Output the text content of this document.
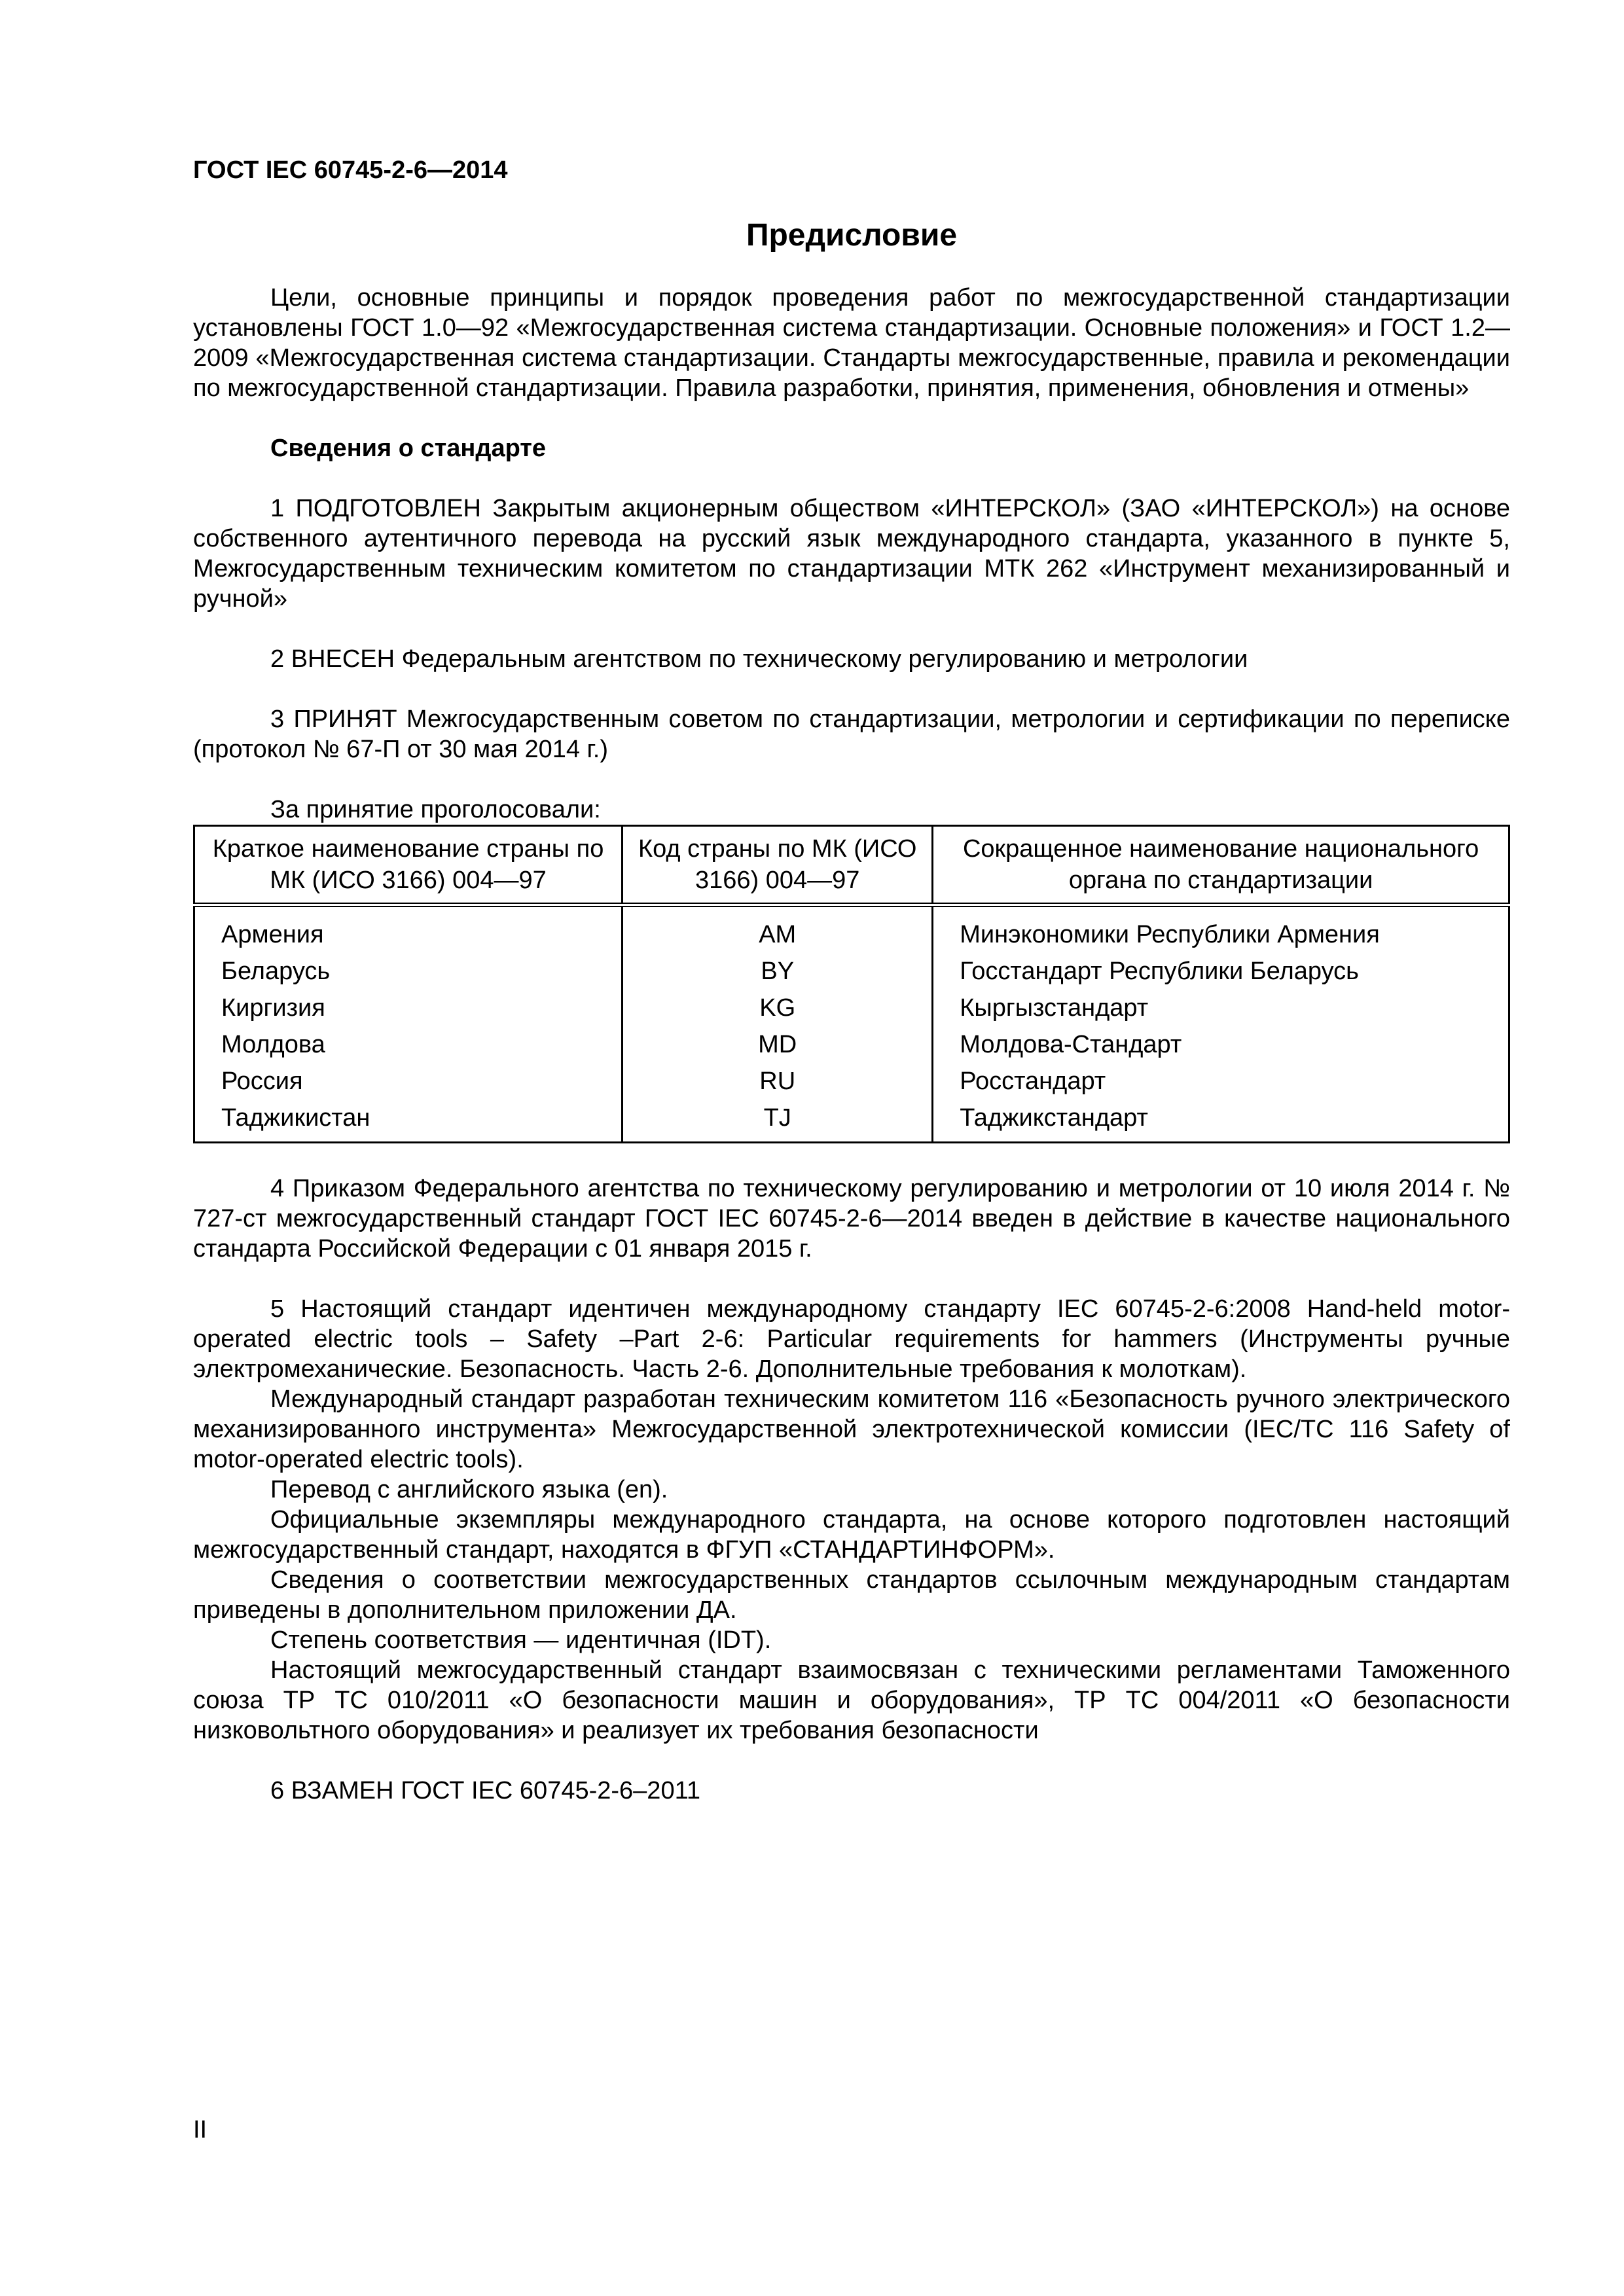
ГОСТ IEC 60745-2-6—2014
Предисловие

Цели, основные принципы и порядок проведения работ по межгосударственной стандартизации установлены ГОСТ 1.0—92 «Межгосударственная система стандартизации. Основные положения» и ГОСТ 1.2—2009 «Межгосударственная система стандартизации. Стандарты межгосударственные, правила и рекомендации по межгосударственной стандартизации. Правила разработки, принятия, применения, обновления и отмены»

Сведения о стандарте

1 ПОДГОТОВЛЕН Закрытым акционерным обществом «ИНТЕРСКОЛ» (ЗАО «ИНТЕРСКОЛ») на основе собственного аутентичного перевода на русский язык международного стандарта, указанного в пункте 5, Межгосударственным техническим комитетом по стандартизации МТК 262 «Инструмент механизированный и ручной»

2 ВНЕСЕН Федеральным агентством по техническому регулированию и метрологии

3 ПРИНЯТ Межгосударственным советом по стандартизации, метрологии и сертификации по переписке (протокол № 67-П от 30 мая 2014 г.)

За принятие проголосовали:

Краткое наименование страны по МК (ИСО 3166) 004—97	Код страны по МК (ИСО 3166) 004—97	Сокращенное наименование национального органа по стандартизации
Армения	AM	Минэкономики Республики Армения
Беларусь	BY	Госстандарт Республики Беларусь
Киргизия	KG	Кыргызстандарт
Молдова	MD	Молдова-Стандарт
Россия	RU	Росстандарт
Таджикистан	TJ	Таджикстандарт

4 Приказом Федерального агентства по техническому регулированию и метрологии от 10 июля 2014 г. № 727-ст межгосударственный стандарт ГОСТ IEC 60745-2-6—2014 введен в действие в качестве национального стандарта Российской Федерации с 01 января 2015 г.

5 Настоящий стандарт идентичен международному стандарту IEC 60745-2-6:2008 Hand-held motor-operated electric tools – Safety –Part 2-6: Particular requirements for hammers (Инструменты ручные электромеханические. Безопасность. Часть 2-6. Дополнительные требования к молоткам).

Международный стандарт разработан техническим комитетом 116 «Безопасность ручного электрического механизированного инструмента» Межгосударственной электротехнической комиссии (IEC/TC 116 Safety of motor-operated electric tools).

Перевод с английского языка (en).

Официальные экземпляры международного стандарта, на основе которого подготовлен настоящий межгосударственный стандарт, находятся в ФГУП «СТАНДАРТИНФОРМ».

Сведения о соответствии межгосударственных стандартов ссылочным международным стандартам приведены в дополнительном приложении ДА.

Степень соответствия — идентичная (IDT).

Настоящий межгосударственный стандарт взаимосвязан с техническими регламентами Таможенного союза ТР ТС 010/2011 «О безопасности машин и оборудования», ТР ТС 004/2011 «О безопасности низковольтного оборудования» и реализует их требования безопасности

6 ВЗАМЕН ГОСТ IEC 60745-2-6–2011

II
